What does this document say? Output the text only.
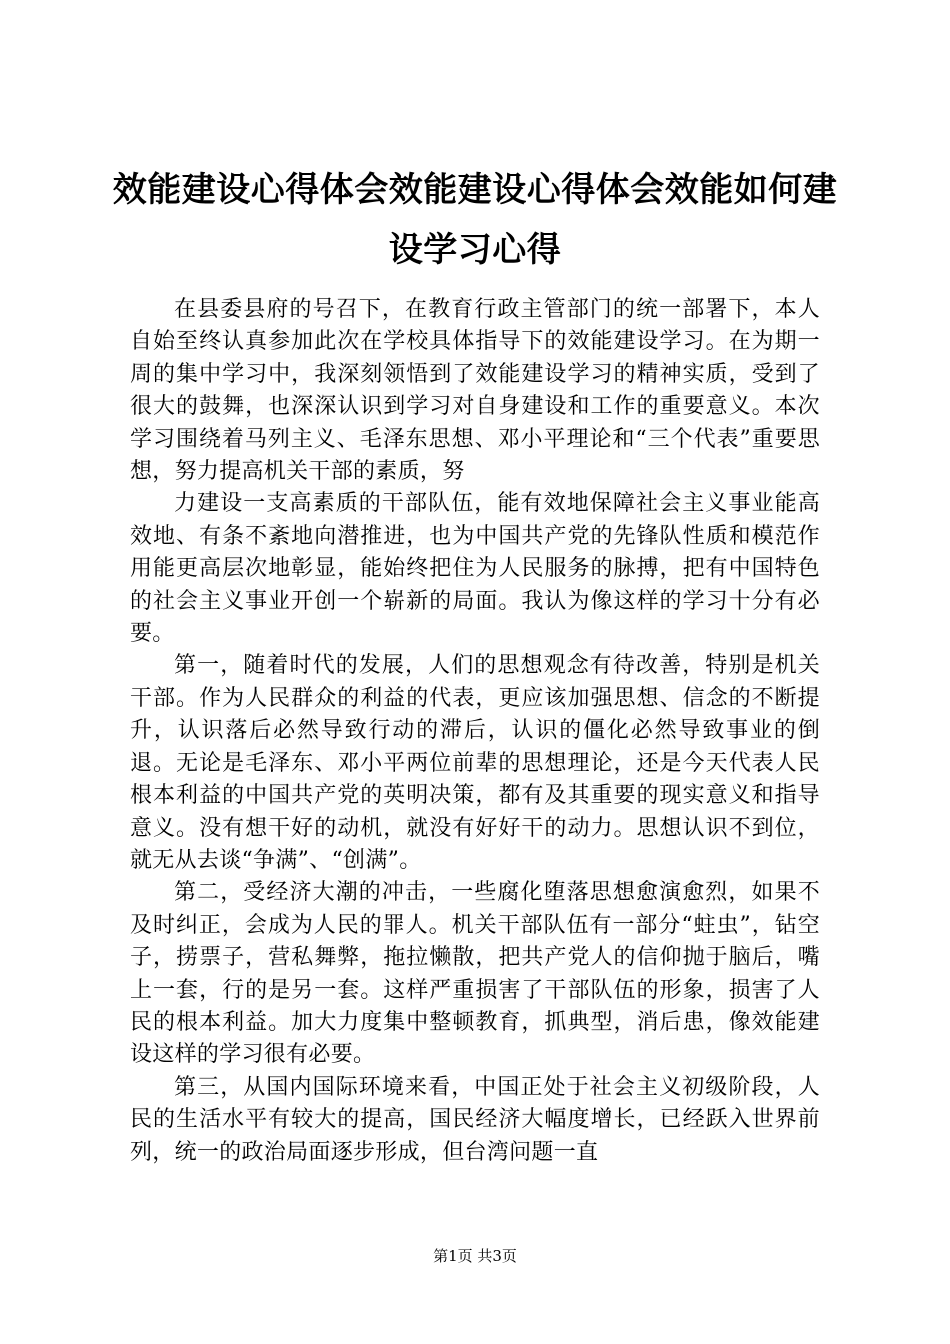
效能建设心得体会效能建设心得体会效能如何建设学习心得

在县委县府的号召下，在教育行政主管部门的统一部署下，本人自始至终认真参加此次在学校具体指导下的效能建设学习。在为期一周的集中学习中，我深刻领悟到了效能建设学习的精神实质，受到了很大的鼓舞，也深深认识到学习对自身建设和工作的重要意义。本次学习围绕着马列主义、毛泽东思想、邓小平理论和“三个代表”重要思想，努力提高机关干部的素质，努

力建设一支高素质的干部队伍，能有效地保障社会主义事业能高效地、有条不紊地向潜推进，也为中国共产党的先锋队性质和模范作用能更高层次地彰显，能始终把住为人民服务的脉搏，把有中国特色的社会主义事业开创一个崭新的局面。我认为像这样的学习十分有必要。

第一，随着时代的发展，人们的思想观念有待改善，特别是机关干部。作为人民群众的利益的代表，更应该加强思想、信念的不断提升，认识落后必然导致行动的滞后，认识的僵化必然导致事业的倒退。无论是毛泽东、邓小平两位前辈的思想理论，还是今天代表人民根本利益的中国共产党的英明决策，都有及其重要的现实意义和指导意义。没有想干好的动机，就没有好好干的动力。思想认识不到位，就无从去谈“争满”、“创满”。

第二，受经济大潮的冲击，一些腐化堕落思想愈演愈烈，如果不及时纠正，会成为人民的罪人。机关干部队伍有一部分“蛀虫”，钻空子，捞票子，营私舞弊，拖拉懒散，把共产党人的信仰抛于脑后，嘴上一套，行的是另一套。这样严重损害了干部队伍的形象，损害了人民的根本利益。加大力度集中整顿教育，抓典型，消后患，像效能建设这样的学习很有必要。

第三，从国内国际环境来看，中国正处于社会主义初级阶段，人民的生活水平有较大的提高，国民经济大幅度增长，已经跃入世界前列，统一的政治局面逐步形成，但台湾问题一直

第1页 共3页
